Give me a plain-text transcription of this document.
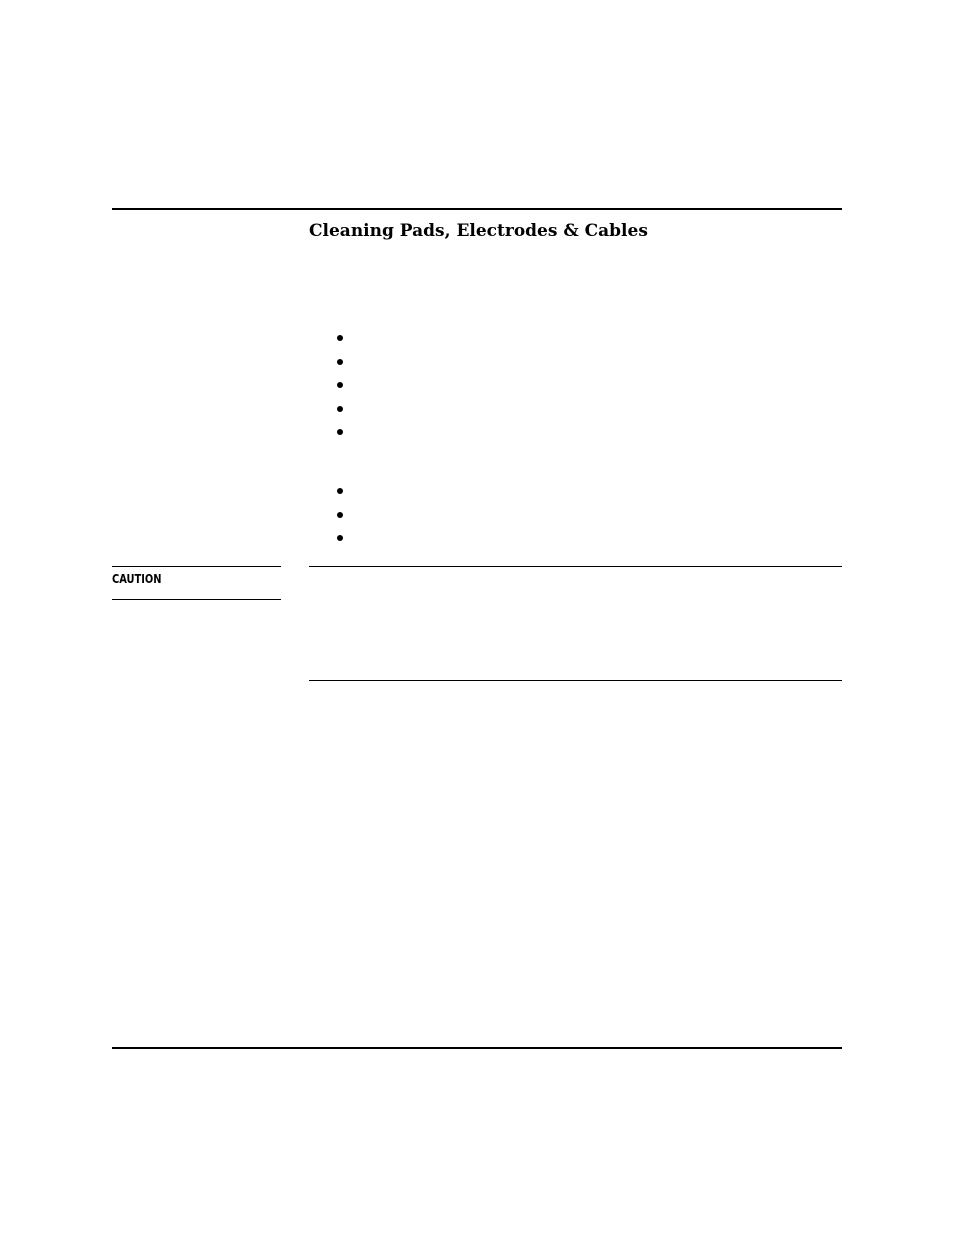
Cleaning Pads, Electrodes & Cables
CAUTION
